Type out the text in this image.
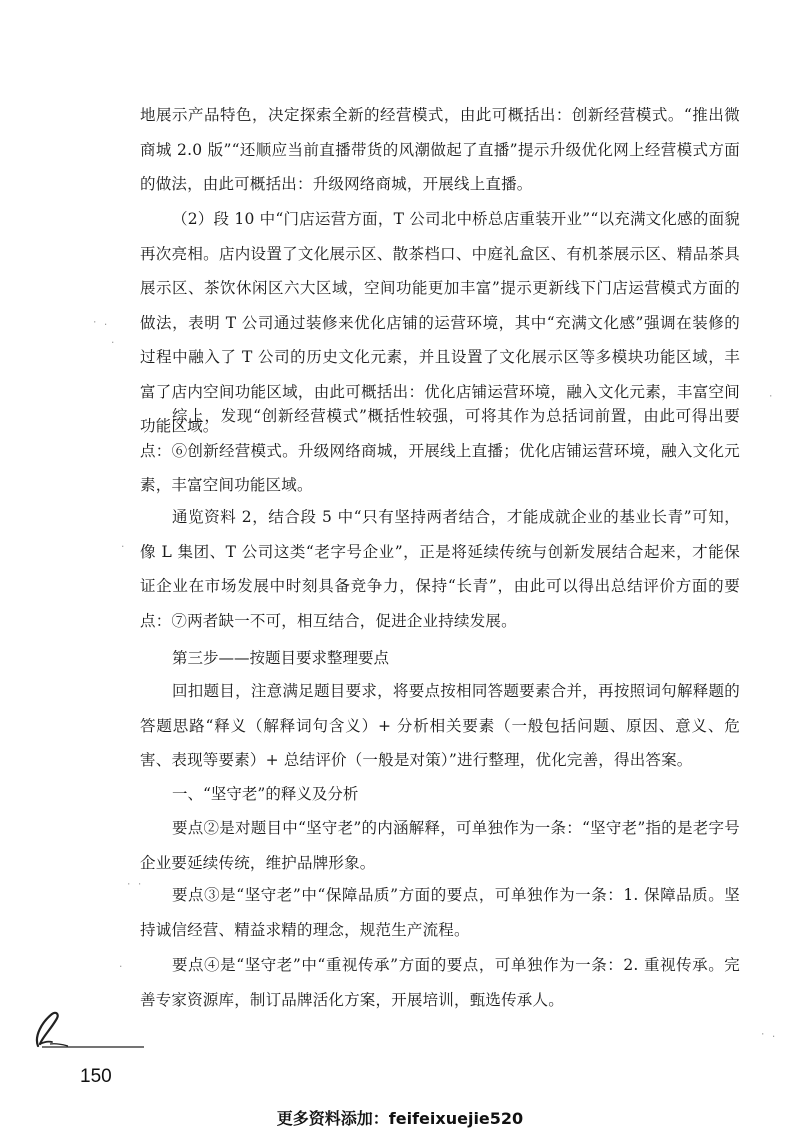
地展示产品特色，决定探索全新的经营模式，由此可概括出：创新经营模式。“推出微商城 2.0 版”“还顺应当前直播带货的风潮做起了直播”提示升级优化网上经营模式方面的做法，由此可概括出：升级网络商城，开展线上直播。

（2）段 10 中“门店运营方面，T 公司北中桥总店重装开业”“以充满文化感的面貌再次亮相。店内设置了文化展示区、散茶档口、中庭礼盒区、有机茶展示区、精品茶具展示区、茶饮休闲区六大区域，空间功能更加丰富”提示更新线下门店运营模式方面的做法，表明 T 公司通过装修来优化店铺的运营环境，其中“充满文化感”强调在装修的过程中融入了 T 公司的历史文化元素，并且设置了文化展示区等多模块功能区域，丰富了店内空间功能区域，由此可概括出：优化店铺运营环境，融入文化元素，丰富空间功能区域。

综上，发现“创新经营模式”概括性较强，可将其作为总括词前置，由此可得出要点：⑥创新经营模式。升级网络商城，开展线上直播；优化店铺运营环境，融入文化元素，丰富空间功能区域。

通览资料 2，结合段 5 中“只有坚持两者结合，才能成就企业的基业长青”可知，像 L 集团、T 公司这类“老字号企业”，正是将延续传统与创新发展结合起来，才能保证企业在市场发展中时刻具备竞争力，保持“长青”，由此可以得出总结评价方面的要点：⑦两者缺一不可，相互结合，促进企业持续发展。

第三步——按题目要求整理要点

回扣题目，注意满足题目要求，将要点按相同答题要素合并，再按照词句解释题的答题思路“释义（解释词句含义）+ 分析相关要素（一般包括问题、原因、意义、危害、表现等要素）+ 总结评价（一般是对策）”进行整理，优化完善，得出答案。

一、“坚守老”的释义及分析

要点②是对题目中“坚守老”的内涵解释，可单独作为一条：“坚守老”指的是老字号企业要延续传统，维护品牌形象。

要点③是“坚守老”中“保障品质”方面的要点，可单独作为一条：1. 保障品质。坚持诚信经营、精益求精的理念，规范生产流程。

要点④是“坚守老”中“重视传承”方面的要点，可单独作为一条：2. 重视传承。完善专家资源库，制订品牌活化方案，开展培训，甄选传承人。

· .
.
·
.
· ·
.
· .
150
更多资料添加：feifeixuejie520
